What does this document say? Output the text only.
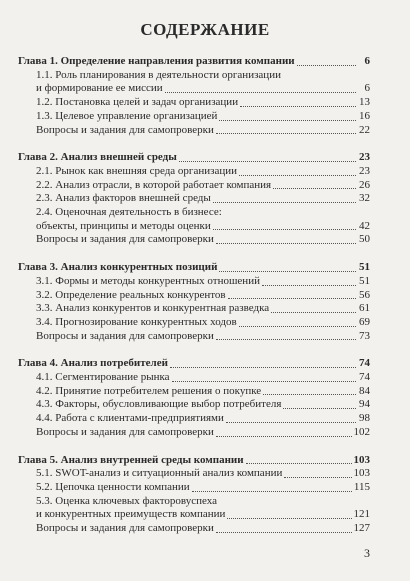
СОДЕРЖАНИЕ
Глава 1. Определение направления развития компании	6
1.1. Роль планирования в деятельности организации
и формирование ее миссии	6
1.2. Постановка целей и задач организации	13
1.3. Целевое управление организацией	16
Вопросы и задания для самопроверки	22
Глава 2. Анализ внешней среды	23
2.1. Рынок как внешняя среда организации	23
2.2. Анализ отрасли, в которой работает компания	26
2.3. Анализ факторов внешней среды	32
2.4. Оценочная деятельность в бизнесе:
объекты, принципы и методы оценки	42
Вопросы и задания для самопроверки	50
Глава 3. Анализ конкурентных позиций	51
3.1. Формы и методы конкурентных отношений	51
3.2. Определение реальных конкурентов	56
3.3. Анализ конкурентов и конкурентная разведка	61
3.4. Прогнозирование конкурентных ходов	69
Вопросы и задания для самопроверки	73
Глава 4. Анализ потребителей	74
4.1. Сегментирование рынка	74
4.2. Принятие потребителем решения о покупке	84
4.3. Факторы, обусловливающие выбор потребителя	94
4.4. Работа с клиентами-предприятиями	98
Вопросы и задания для самопроверки	102
Глава 5. Анализ внутренней среды компании	103
5.1. SWOT-анализ и ситуационный анализ компании	103
5.2. Цепочка ценности компании	115
5.3. Оценка ключевых факторовуспеха
и конкурентных преимуществ компании	121
Вопросы и задания для самопроверки	127
3
